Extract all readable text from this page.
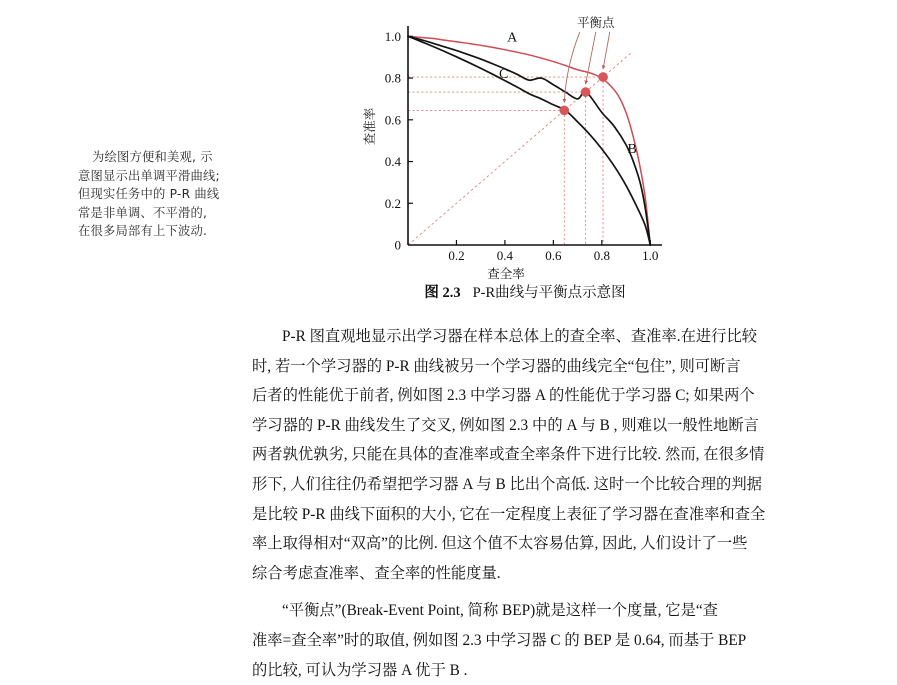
为绘图方便和美观, 示
意图显示出单调平滑曲线;
但现实任务中的 P-R 曲线
常是非单调、不平滑的,
在很多局部有上下波动.
0.2 0.4 0.6 0.8 1.0
0
0.2
0.4
0.6
0.8
1.0
查全率
查准率
A
B
C
平衡点
图 2.3 P-R曲线与平衡点示意图
P-R 图直观地显示出学习器在样本总体上的查全率、查准率.在进行比较
时, 若一个学习器的 P-R 曲线被另一个学习器的曲线完全“包住”, 则可断言
后者的性能优于前者, 例如图 2.3 中学习器 A 的性能优于学习器 C; 如果两个
学习器的 P-R 曲线发生了交叉, 例如图 2.3 中的 A 与 B , 则难以一般性地断言
两者孰优孰劣, 只能在具体的查准率或查全率条件下进行比较. 然而, 在很多情
形下, 人们往往仍希望把学习器 A 与 B 比出个高低. 这时一个比较合理的判据
是比较 P-R 曲线下面积的大小, 它在一定程度上表征了学习器在查准率和查全
率上取得相对“双高”的比例. 但这个值不太容易估算, 因此, 人们设计了一些
综合考虑查准率、查全率的性能度量.
“平衡点”(Break-Event Point, 简称 BEP)就是这样一个度量, 它是“查
准率=查全率”时的取值, 例如图 2.3 中学习器 C 的 BEP 是 0.64, 而基于 BEP
的比较, 可认为学习器 A 优于 B .
